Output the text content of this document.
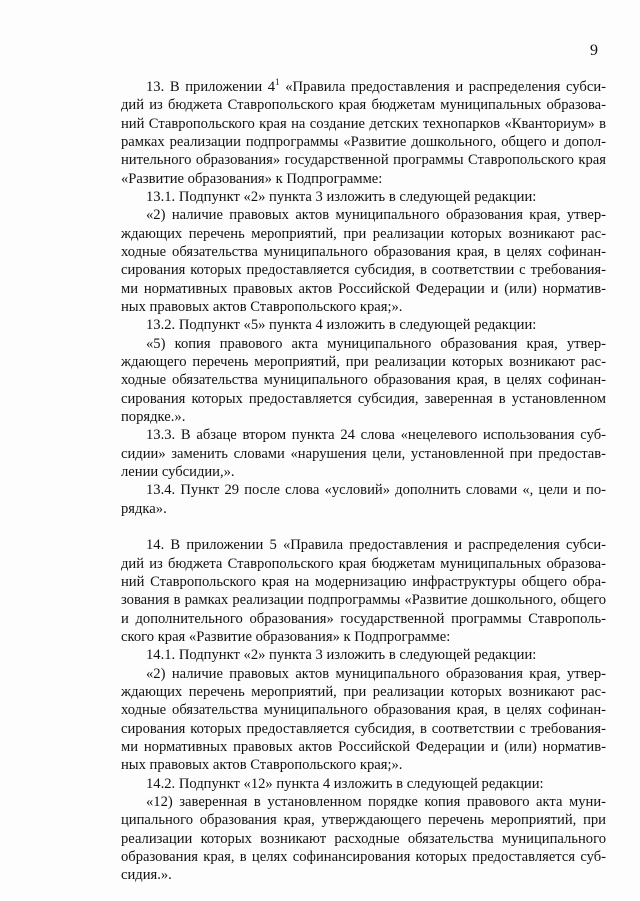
9
13. В приложении $4^1$ «Правила предоставления и распределения субси-
дий из бюджета Ставропольского края бюджетам муниципальных образова-
ний Ставропольского края на создание детских технопарков «Кванториум» в
рамках реализации подпрограммы «Развитие дошкольного, общего и допол-
нительного образования» государственной программы Ставропольского края
«Развитие образования» к Подпрограмме:
13.1. Подпункт «2» пункта 3 изложить в следующей редакции:
«2) наличие правовых актов муниципального образования края, утвер-
ждающих перечень мероприятий, при реализации которых возникают рас-
ходные обязательства муниципального образования края, в целях софинан-
сирования которых предоставляется субсидия, в соответствии с требования-
ми нормативных правовых актов Российской Федерации и (или) норматив-
ных правовых актов Ставропольского края;».
13.2. Подпункт «5» пункта 4 изложить в следующей редакции:
«5) копия правового акта муниципального образования края, утвер-
ждающего перечень мероприятий, при реализации которых возникают рас-
ходные обязательства муниципального образования края, в целях софинан-
сирования которых предоставляется субсидия, заверенная в установленном
порядке.».
13.3. В абзаце втором пункта 24 слова «нецелевого использования суб-
сидии» заменить словами «нарушения цели, установленной при предостав-
лении субсидии,».
13.4. Пункт 29 после слова «условий» дополнить словами «, цели и по-
рядка».
14. В приложении 5 «Правила предоставления и распределения субси-
дий из бюджета Ставропольского края бюджетам муниципальных образова-
ний Ставропольского края на модернизацию инфраструктуры общего обра-
зования в рамках реализации подпрограммы «Развитие дошкольного, общего
и дополнительного образования» государственной программы Ставрополь-
ского края «Развитие образования» к Подпрограмме:
14.1. Подпункт «2» пункта 3 изложить в следующей редакции:
«2) наличие правовых актов муниципального образования края, утвер-
ждающих перечень мероприятий, при реализации которых возникают рас-
ходные обязательства муниципального образования края, в целях софинан-
сирования которых предоставляется субсидия, в соответствии с требования-
ми нормативных правовых актов Российской Федерации и (или) норматив-
ных правовых актов Ставропольского края;».
14.2. Подпункт «12» пункта 4 изложить в следующей редакции:
«12) заверенная в установленном порядке копия правового акта муни-
ципального образования края, утверждающего перечень мероприятий, при
реализации которых возникают расходные обязательства муниципального
образования края, в целях софинансирования которых предоставляется суб-
сидия.».
